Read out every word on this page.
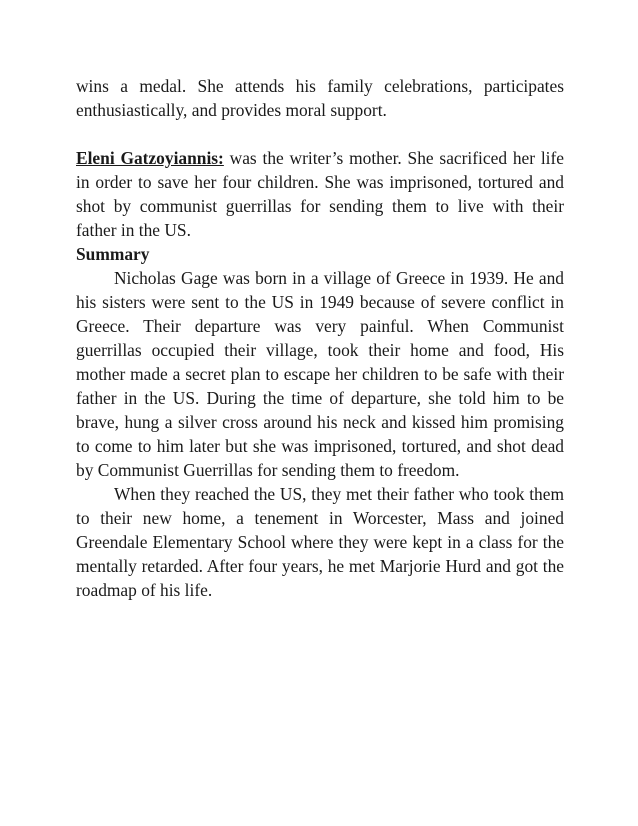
wins a medal. She attends his family celebrations, participates enthusiastically, and provides moral support.

Eleni Gatzoyiannis: was the writer’s mother. She sacrificed her life in order to save her four children. She was imprisoned, tortured and shot by communist guerrillas for sending them to live with their father in the US.

Summary

Nicholas Gage was born in a village of Greece in 1939. He and his sisters were sent to the US in 1949 because of severe conflict in Greece. Their departure was very painful. When Communist guerrillas occupied their village, took their home and food, His mother made a secret plan to escape her children to be safe with their father in the US. During the time of departure, she told him to be brave, hung a silver cross around his neck and kissed him promising to come to him later but she was imprisoned, tortured, and shot dead by Communist Guerrillas for sending them to freedom.

When they reached the US, they met their father who took them to their new home, a tenement in Worcester, Mass and joined Greendale Elementary School where they were kept in a class for the mentally retarded. After four years, he met Marjorie Hurd and got the roadmap of his life.
